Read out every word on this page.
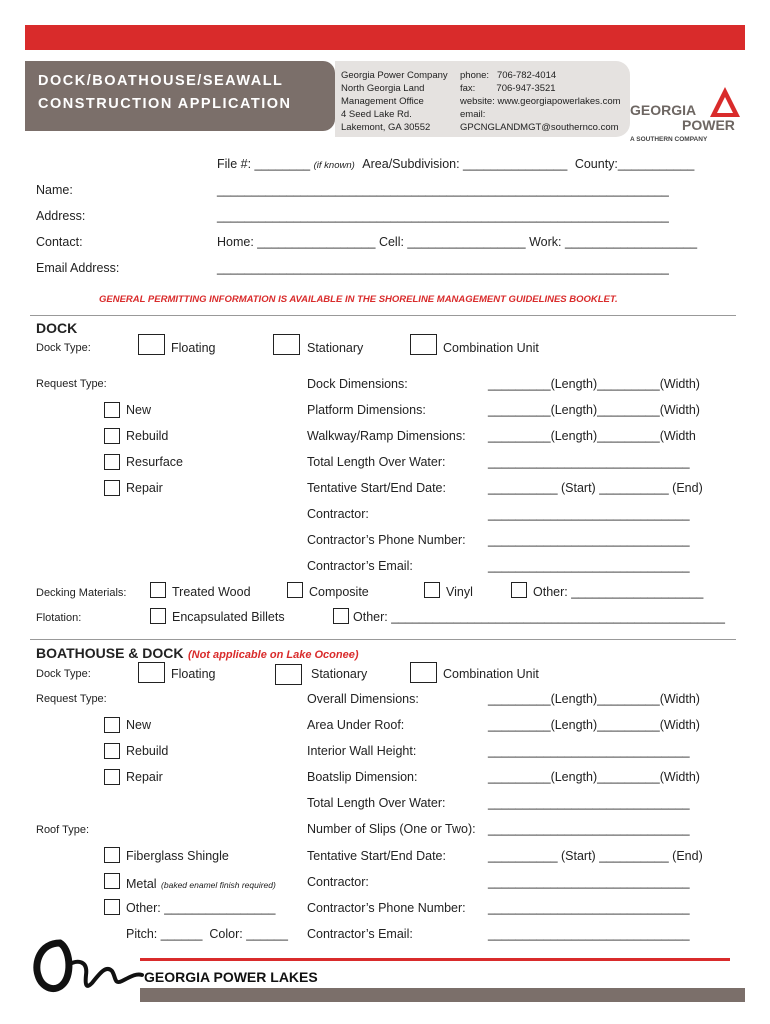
DOCK/BOATHOUSE/SEAWALL
CONSTRUCTION APPLICATION
Georgia Power Company
North Georgia Land
Management Office
4 Seed Lake Rd.
Lakemont, GA 30552
phone:   706-782-4014
fax:        706-947-3521
website: www.georgiapowerlakes.com
email:
GPCNGLANDMGT@southernco.com
GEORGIA
POWER
A SOUTHERN COMPANY
File #: ________ (if known) Area/Subdivision: _______________ County:___________
Name:	_________________________________________________________________
Address:	_________________________________________________________________
Contact:	Home: _________________ Cell: _________________ Work: ___________________
Email Address:	_________________________________________________________________
GENERAL PERMITTING INFORMATION IS AVAILABLE IN THE SHORELINE MANAGEMENT GUIDELINES BOOKLET.
DOCK
Dock Type:	Floating	Stationary	Combination Unit
Request Type:
New
Rebuild
Resurface
Repair
Dock Dimensions:	_________(Length)_________(Width)
Platform Dimensions:	_________(Length)_________(Width)
Walkway/Ramp Dimensions: _________(Length)_________(Width
Total Length Over Water:	_____________________________
Tentative Start/End Date:	__________ (Start) __________ (End)
Contractor:	_____________________________
Contractor’s Phone Number: _____________________________
Contractor’s Email:	_____________________________
Decking Materials:	Treated Wood	Composite	Vinyl	Other: ___________________
Flotation:	Encapsulated Billets	Other: ________________________________________________
BOATHOUSE & DOCK (Not applicable on Lake Oconee)
Dock Type:	Floating	Stationary	Combination Unit
Request Type:
New
Rebuild
Repair
Roof Type:
Fiberglass Shingle
Metal (baked enamel finish required)
Other: ________________
Pitch: ______  Color: ______
Overall Dimensions:	_________(Length)_________(Width)
Area Under Roof:	_________(Length)_________(Width)
Interior Wall Height:	_____________________________
Boatslip Dimension:	_________(Length)_________(Width)
Total Length Over Water:	_____________________________
Number of Slips (One or Two): _____________________________
Tentative Start/End Date:	__________ (Start) __________ (End)
Contractor:	_____________________________
Contractor’s Phone Number: _____________________________
Contractor’s Email:	_____________________________
GEORGIA POWER LAKES
